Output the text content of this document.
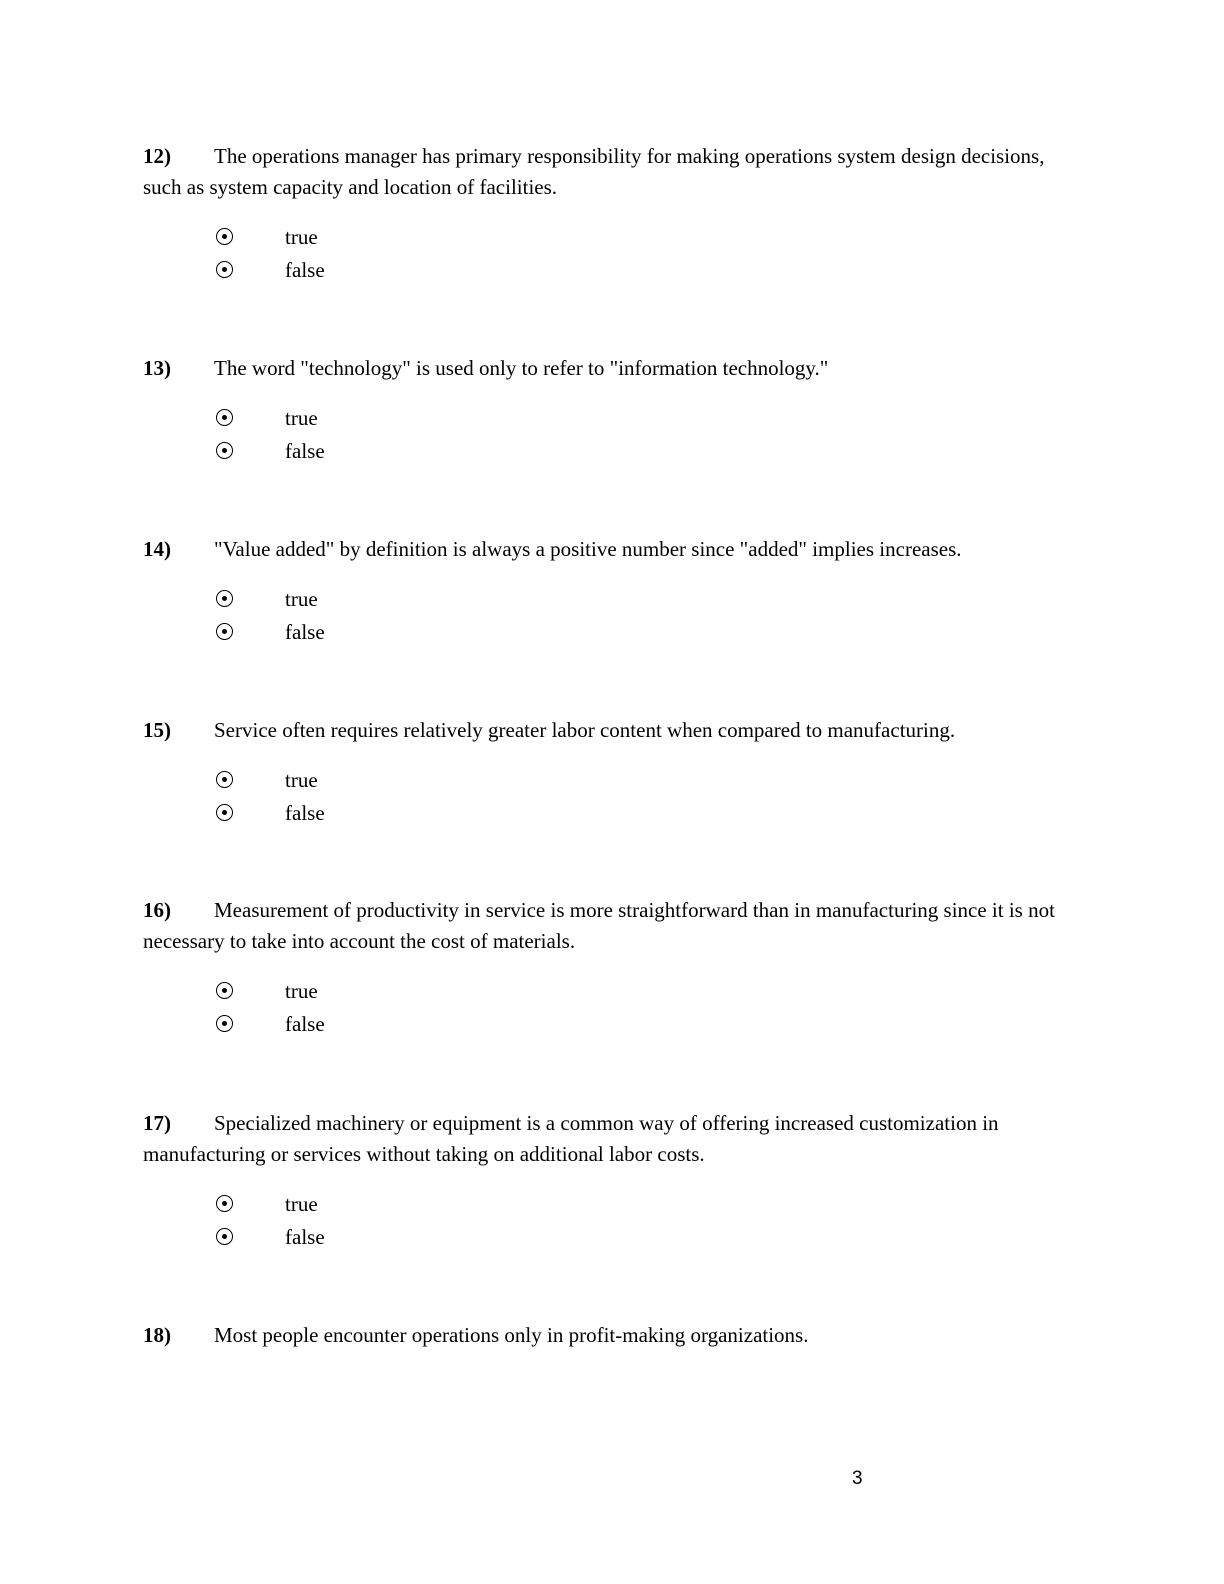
12) The operations manager has primary responsibility for making operations system design decisions, such as system capacity and location of facilities.

true
false

13) The word "technology" is used only to refer to "information technology."

true
false

14) "Value added" by definition is always a positive number since "added" implies increases.

true
false

15) Service often requires relatively greater labor content when compared to manufacturing.

true
false

16) Measurement of productivity in service is more straightforward than in manufacturing since it is not necessary to take into account the cost of materials.

true
false

17) Specialized machinery or equipment is a common way of offering increased customization in manufacturing or services without taking on additional labor costs.

true
false

18) Most people encounter operations only in profit-making organizations.

3
